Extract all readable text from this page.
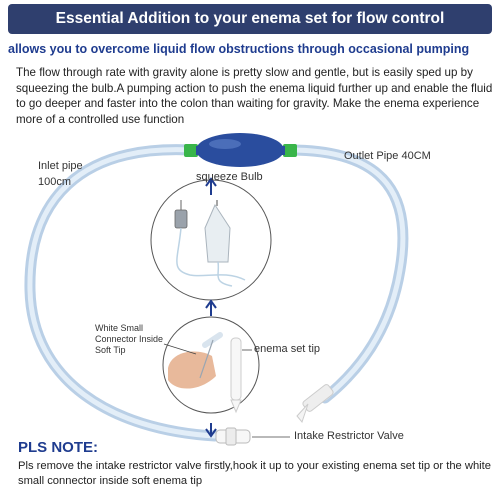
Essential Addition to your enema set for flow control
allows you to overcome liquid flow obstructions through occasional pumping
The flow through rate with gravity alone is pretty slow and gentle, but is easily sped up by squeezing the bulb.A pumping action to push the enema liquid further up and enable the fluid to go deeper and faster into the colon than waiting for gravity. Make the enema experience more of a controlled use function
Inlet pipe
100cm
Outlet Pipe 40CM
squeeze Bulb
White Small Connector Inside Soft Tip	enema set tip
Intake Restrictor Valve
PLS NOTE:
Pls remove the intake restrictor valve firstly,hook it up to your existing enema set tip or the white small connector inside soft enema tip
